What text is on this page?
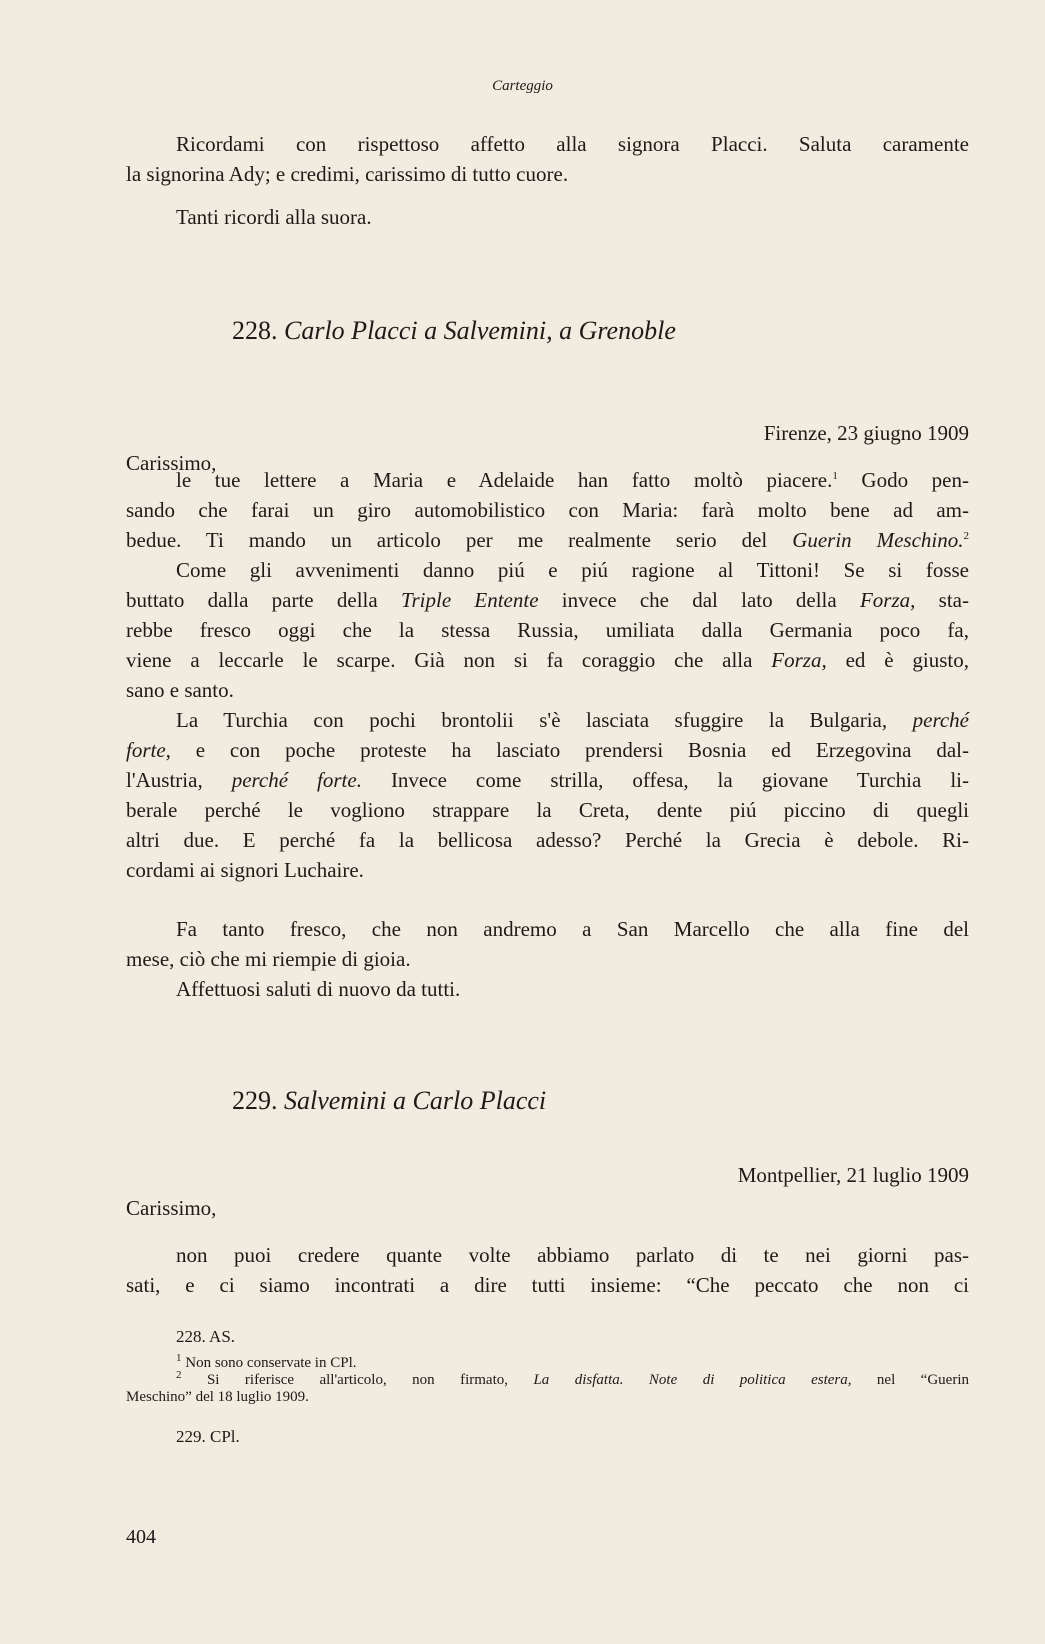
Carteggio
Ricordami con rispettoso affetto alla signora Placci. Saluta caramente
la signorina Ady; e credimi, carissimo di tutto cuore.
Tanti ricordi alla suora.
228. Carlo Placci a Salvemini, a Grenoble
Firenze, 23 giugno 1909
Carissimo,
le tue lettere a Maria e Adelaide han fatto moltò piacere.$^1$ Godo pen-
sando che farai un giro automobilistico con Maria: farà molto bene ad am-
bedue. Ti mando un articolo per me realmente serio del Guerin Meschino.$^2$
Come gli avvenimenti danno piú e piú ragione al Tittoni! Se si fosse
buttato dalla parte della Triple Entente invece che dal lato della Forza, sta-
rebbe fresco oggi che la stessa Russia, umiliata dalla Germania poco fa,
viene a leccarle le scarpe. Già non si fa coraggio che alla Forza, ed è giusto,
sano e santo.
La Turchia con pochi brontolii s'è lasciata sfuggire la Bulgaria, perché
forte, e con poche proteste ha lasciato prendersi Bosnia ed Erzegovina dal-
l'Austria, perché forte. Invece come strilla, offesa, la giovane Turchia li-
berale perché le vogliono strappare la Creta, dente piú piccino di quegli
altri due. E perché fa la bellicosa adesso? Perché la Grecia è debole. Ri-
cordami ai signori Luchaire.
Fa tanto fresco, che non andremo a San Marcello che alla fine del
mese, ciò che mi riempie di gioia.
Affettuosi saluti di nuovo da tutti.
229. Salvemini a Carlo Placci
Montpellier, 21 luglio 1909
Carissimo,
non puoi credere quante volte abbiamo parlato di te nei giorni pas-
sati, e ci siamo incontrati a dire tutti insieme: “Che peccato che non ci
228. AS.
$^1$ Non sono conservate in CPl.
$^2$ Si riferisce all'articolo, non firmato, La disfatta. Note di politica estera, nel “Guerin
Meschino” del 18 luglio 1909.
229. CPl.
404
